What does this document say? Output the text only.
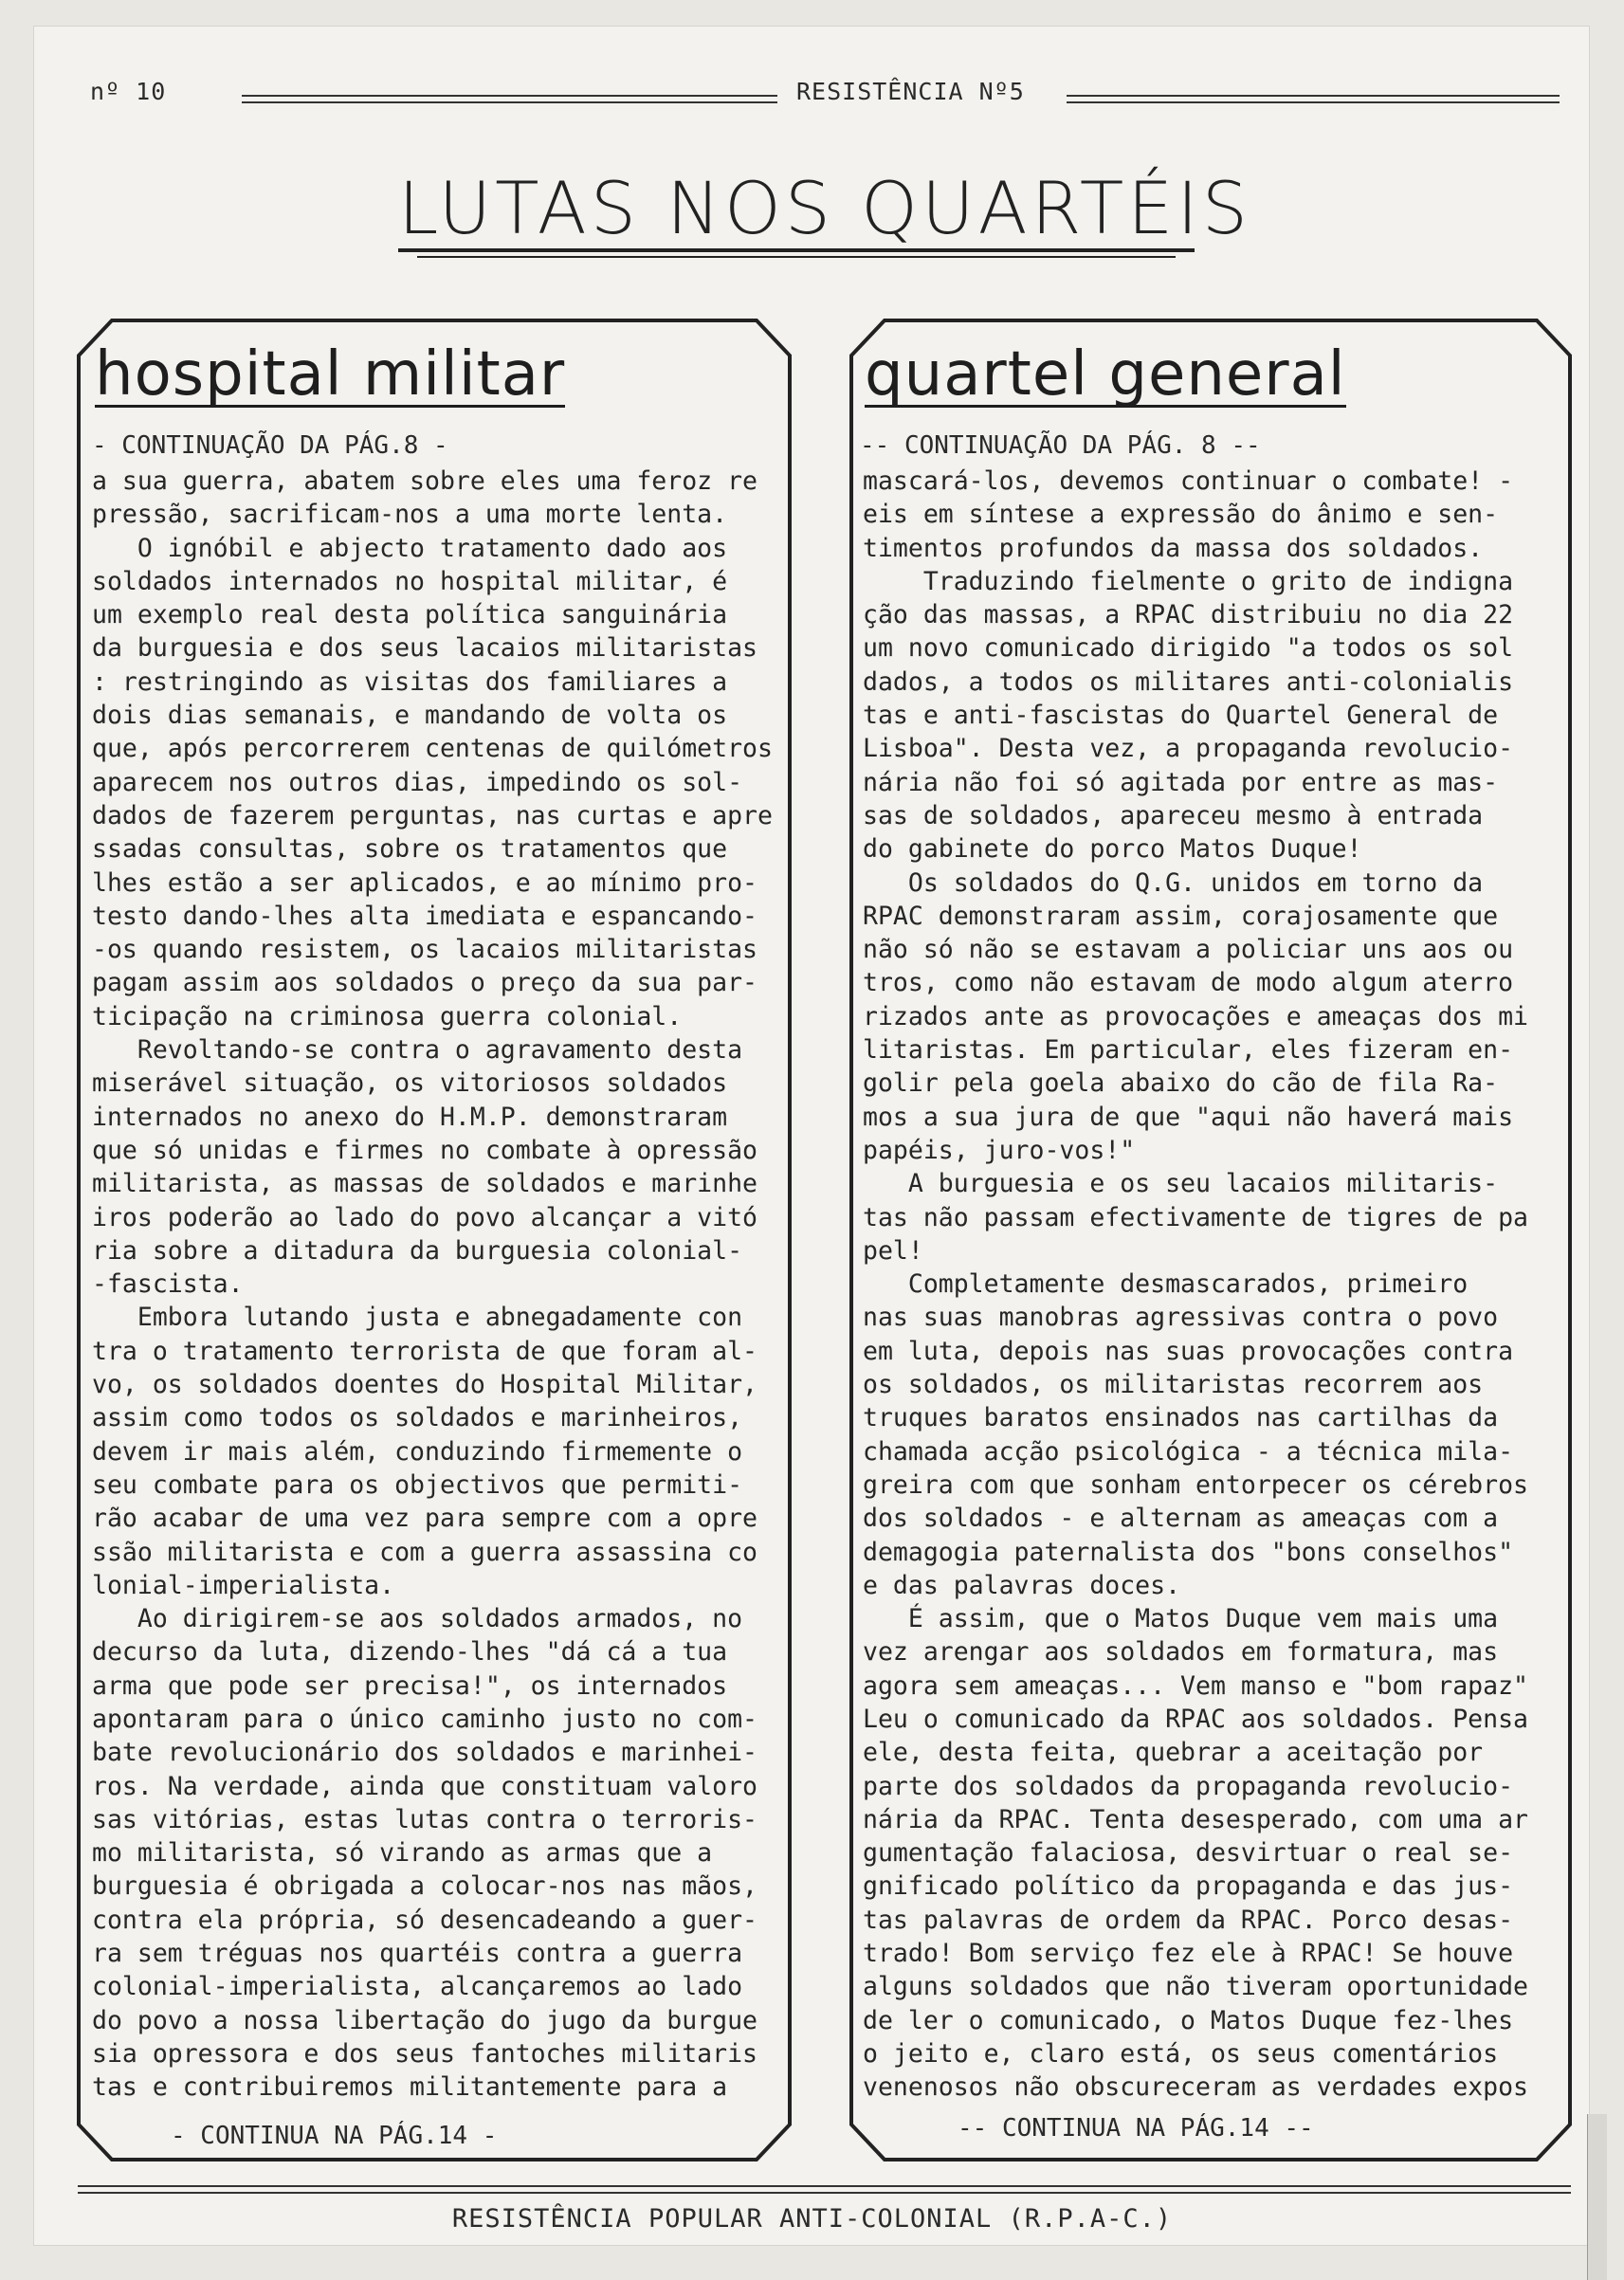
nº 10	RESISTÊNCIA Nº5
LUTAS NOS QUARTÉIS
hospital militar
- CONTINUAÇÃO DA PÁG.8 -
a sua guerra, abatem sobre eles uma feroz re
pressão, sacrificam-nos a uma morte lenta.
O ignóbil e abjecto tratamento dado aos
soldados internados no hospital militar, é
um exemplo real desta política sanguinária
da burguesia e dos seus lacaios militaristas
: restringindo as visitas dos familiares a
dois dias semanais, e mandando de volta os
que, após percorrerem centenas de quilómetros
aparecem nos outros dias, impedindo os sol-
dados de fazerem perguntas, nas curtas e apre
ssadas consultas, sobre os tratamentos que
lhes estão a ser aplicados, e ao mínimo pro-
testo dando-lhes alta imediata e espancando-
-os quando resistem, os lacaios militaristas
pagam assim aos soldados o preço da sua par-
ticipação na criminosa guerra colonial.
Revoltando-se contra o agravamento desta
miserável situação, os vitoriosos soldados
internados no anexo do H.M.P. demonstraram
que só unidas e firmes no combate à opressão
militarista, as massas de soldados e marinhe
iros poderão ao lado do povo alcançar a vitó
ria sobre a ditadura da burguesia colonial-
-fascista.
Embora lutando justa e abnegadamente con
tra o tratamento terrorista de que foram al-
vo, os soldados doentes do Hospital Militar,
assim como todos os soldados e marinheiros,
devem ir mais além, conduzindo firmemente o
seu combate para os objectivos que permiti-
rão acabar de uma vez para sempre com a opre
ssão militarista e com a guerra assassina co
lonial-imperialista.
Ao dirigirem-se aos soldados armados, no
decurso da luta, dizendo-lhes "dá cá a tua
arma que pode ser precisa!", os internados
apontaram para o único caminho justo no com-
bate revolucionário dos soldados e marinhei-
ros. Na verdade, ainda que constituam valoro
sas vitórias, estas lutas contra o terroris-
mo militarista, só virando as armas que a
burguesia é obrigada a colocar-nos nas mãos,
contra ela própria, só desencadeando a guer-
ra sem tréguas nos quartéis contra a guerra
colonial-imperialista, alcançaremos ao lado
do povo a nossa libertação do jugo da burgue
sia opressora e dos seus fantoches militaris
tas e contribuiremos militantemente para a
- CONTINUA NA PÁG.14 -
quartel general
-- CONTINUAÇÃO DA PÁG. 8 --
mascará-los, devemos continuar o combate! -
eis em síntese a expressão do ânimo e sen-
timentos profundos da massa dos soldados.
Traduzindo fielmente o grito de indigna
ção das massas, a RPAC distribuiu no dia 22
um novo comunicado dirigido "a todos os sol
dados, a todos os militares anti-colonialis
tas e anti-fascistas do Quartel General de
Lisboa". Desta vez, a propaganda revolucio-
nária não foi só agitada por entre as mas-
sas de soldados, apareceu mesmo à entrada
do gabinete do porco Matos Duque!
Os soldados do Q.G. unidos em torno da
RPAC demonstraram assim, corajosamente que
não só não se estavam a policiar uns aos ou
tros, como não estavam de modo algum aterro
rizados ante as provocações e ameaças dos mi
litaristas. Em particular, eles fizeram en-
golir pela goela abaixo do cão de fila Ra-
mos a sua jura de que "aqui não haverá mais
papéis, juro-vos!"
A burguesia e os seu lacaios militaris-
tas não passam efectivamente de tigres de pa
pel!
Completamente desmascarados, primeiro
nas suas manobras agressivas contra o povo
em luta, depois nas suas provocações contra
os soldados, os militaristas recorrem aos
truques baratos ensinados nas cartilhas da
chamada acção psicológica - a técnica mila-
greira com que sonham entorpecer os cérebros
dos soldados - e alternam as ameaças com a
demagogia paternalista dos "bons conselhos"
e das palavras doces.
É assim, que o Matos Duque vem mais uma
vez arengar aos soldados em formatura, mas
agora sem ameaças... Vem manso e "bom rapaz"
Leu o comunicado da RPAC aos soldados. Pensa
ele, desta feita, quebrar a aceitação por
parte dos soldados da propaganda revolucio-
nária da RPAC. Tenta desesperado, com uma ar
gumentação falaciosa, desvirtuar o real se-
gnificado político da propaganda e das jus-
tas palavras de ordem da RPAC. Porco desas-
trado! Bom serviço fez ele à RPAC! Se houve
alguns soldados que não tiveram oportunidade
de ler o comunicado, o Matos Duque fez-lhes
o jeito e, claro está, os seus comentários
venenosos não obscureceram as verdades expos
-- CONTINUA NA PÁG.14 --
RESISTÊNCIA POPULAR ANTI-COLONIAL (R.P.A-C.)
